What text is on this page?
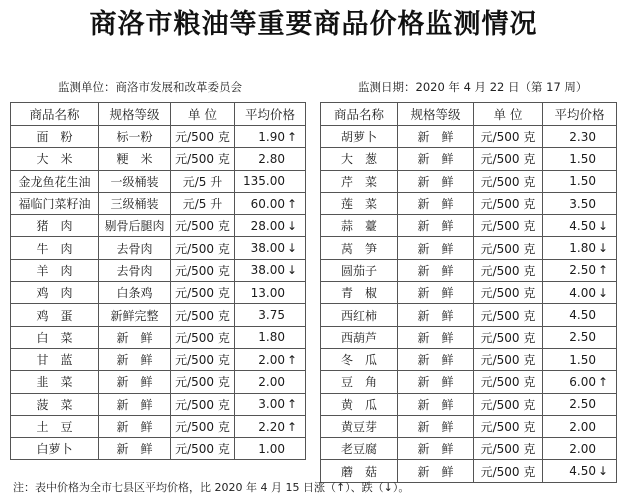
商洛市粮油等重要商品价格监测情况
监测单位：商洛市发展和改革委员会	监测日期：2020 年 4 月 22 日（第 17 周）
商品名称	规格等级	单 位	平均价格
面　粉	标一粉	元/500 克	1.90 ↑
大　米	粳　米	元/500 克	2.80
金龙鱼花生油	一级桶装	元/5 升	135.00
福临门菜籽油	三级桶装	元/5 升	60.00 ↑
猪　肉	剔骨后腿肉	元/500 克	28.00 ↓
牛　肉	去骨肉	元/500 克	38.00 ↓
羊　肉	去骨肉	元/500 克	38.00 ↓
鸡　肉	白条鸡	元/500 克	13.00
鸡　蛋	新鲜完整	元/500 克	3.75
白　菜	新　鲜	元/500 克	1.80
甘　蓝	新　鲜	元/500 克	2.00 ↑
韭　菜	新　鲜	元/500 克	2.00
菠　菜	新　鲜	元/500 克	3.00 ↑
土　豆	新　鲜	元/500 克	2.20 ↑
白萝卜	新　鲜	元/500 克	1.00
商品名称	规格等级	单 位	平均价格
胡萝卜	新　鲜	元/500 克	2.30
大　葱	新　鲜	元/500 克	1.50
芹　菜	新　鲜	元/500 克	1.50
莲　菜	新　鲜	元/500 克	3.50
蒜　薹	新　鲜	元/500 克	4.50 ↓
莴　笋	新　鲜	元/500 克	1.80 ↓
圆茄子	新　鲜	元/500 克	2.50 ↑
青　椒	新　鲜	元/500 克	4.00 ↓
西红柿	新　鲜	元/500 克	4.50
西葫芦	新　鲜	元/500 克	2.50
冬　瓜	新　鲜	元/500 克	1.50
豆　角	新　鲜	元/500 克	6.00 ↑
黄　瓜	新　鲜	元/500 克	2.50
黄豆芽	新　鲜	元/500 克	2.00
老豆腐	新　鲜	元/500 克	2.00
蘑　菇	新　鲜	元/500 克	4.50 ↓
注：表中价格为全市七县区平均价格，比 2020 年 4 月 15 日涨（↑）、跌（↓）。
